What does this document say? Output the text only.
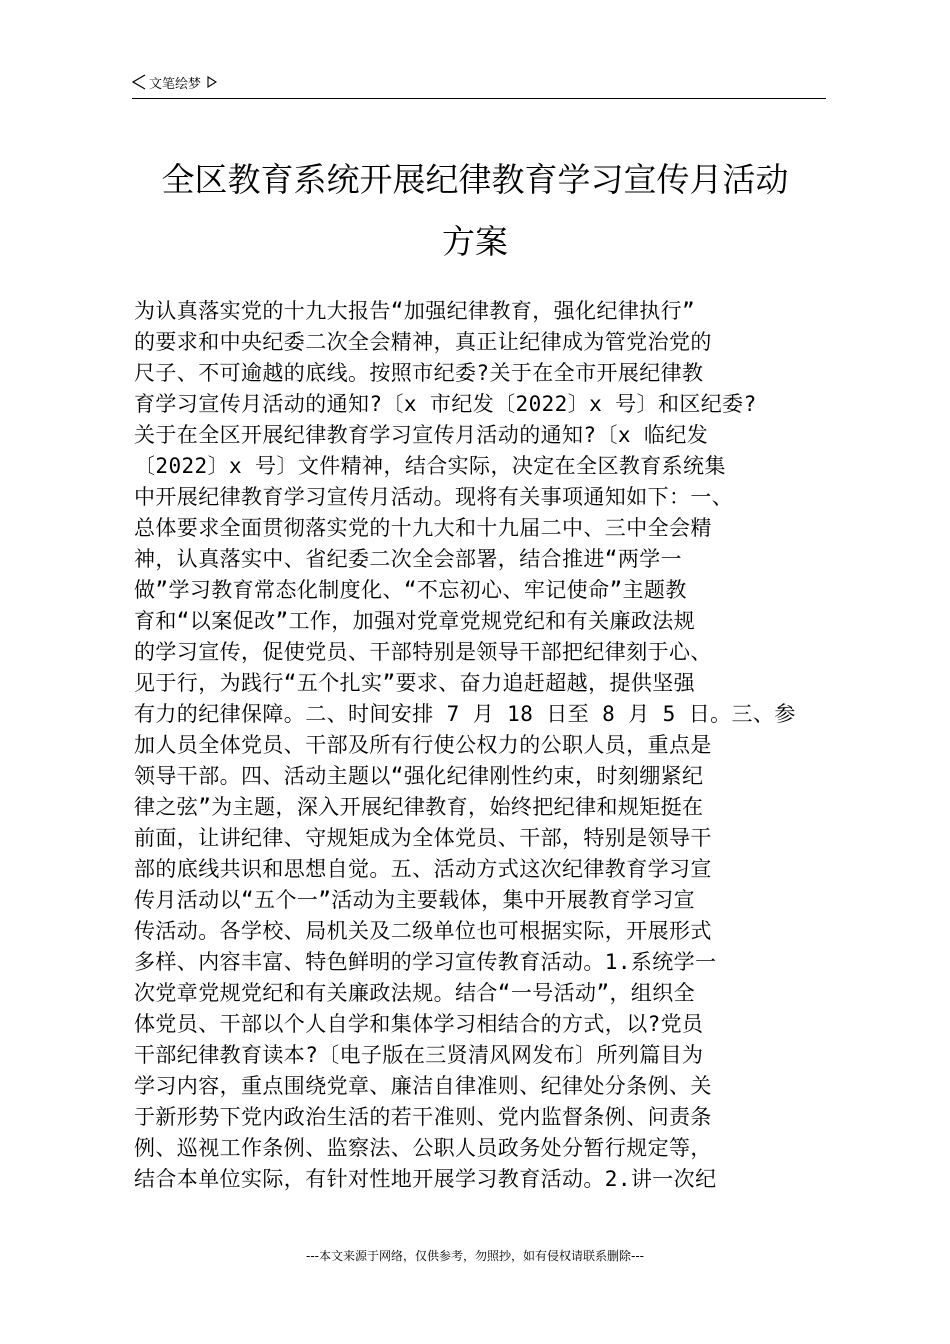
文笔绘梦
全区教育系统开展纪律教育学习宣传月活动
方案
为认真落实党的十九大报告“加强纪律教育，强化纪律执行”
的要求和中央纪委二次全会精神，真正让纪律成为管党治党的
尺子、不可逾越的底线。按照市纪委?关于在全市开展纪律教
育学习宣传月活动的通知?〔x 市纪发〔2022〕x 号〕和区纪委?
关于在全区开展纪律教育学习宣传月活动的通知?〔x 临纪发
〔2022〕x 号〕文件精神，结合实际，决定在全区教育系统集
中开展纪律教育学习宣传月活动。现将有关事项通知如下：一、
总体要求全面贯彻落实党的十九大和十九届二中、三中全会精
神，认真落实中、省纪委二次全会部署，结合推进“两学一
做”学习教育常态化制度化、“不忘初心、牢记使命”主题教
育和“以案促改”工作，加强对党章党规党纪和有关廉政法规
的学习宣传，促使党员、干部特别是领导干部把纪律刻于心、
见于行，为践行“五个扎实”要求、奋力追赶超越，提供坚强
有力的纪律保障。二、时间安排 7 月 18 日至 8 月 5 日。三、参
加人员全体党员、干部及所有行使公权力的公职人员，重点是
领导干部。四、活动主题以“强化纪律刚性约束，时刻绷紧纪
律之弦”为主题，深入开展纪律教育，始终把纪律和规矩挺在
前面，让讲纪律、守规矩成为全体党员、干部，特别是领导干
部的底线共识和思想自觉。五、活动方式这次纪律教育学习宣
传月活动以“五个一”活动为主要载体，集中开展教育学习宣
传活动。各学校、局机关及二级单位也可根据实际，开展形式
多样、内容丰富、特色鲜明的学习宣传教育活动。1.系统学一
次党章党规党纪和有关廉政法规。结合“一号活动”，组织全
体党员、干部以个人自学和集体学习相结合的方式，以?党员
干部纪律教育读本?〔电子版在三贤清风网发布〕所列篇目为
学习内容，重点围绕党章、廉洁自律准则、纪律处分条例、关
于新形势下党内政治生活的若干准则、党内监督条例、问责条
例、巡视工作条例、监察法、公职人员政务处分暂行规定等，
结合本单位实际，有针对性地开展学习教育活动。2.讲一次纪
---本文来源于网络，仅供参考，勿照抄，如有侵权请联系删除---
